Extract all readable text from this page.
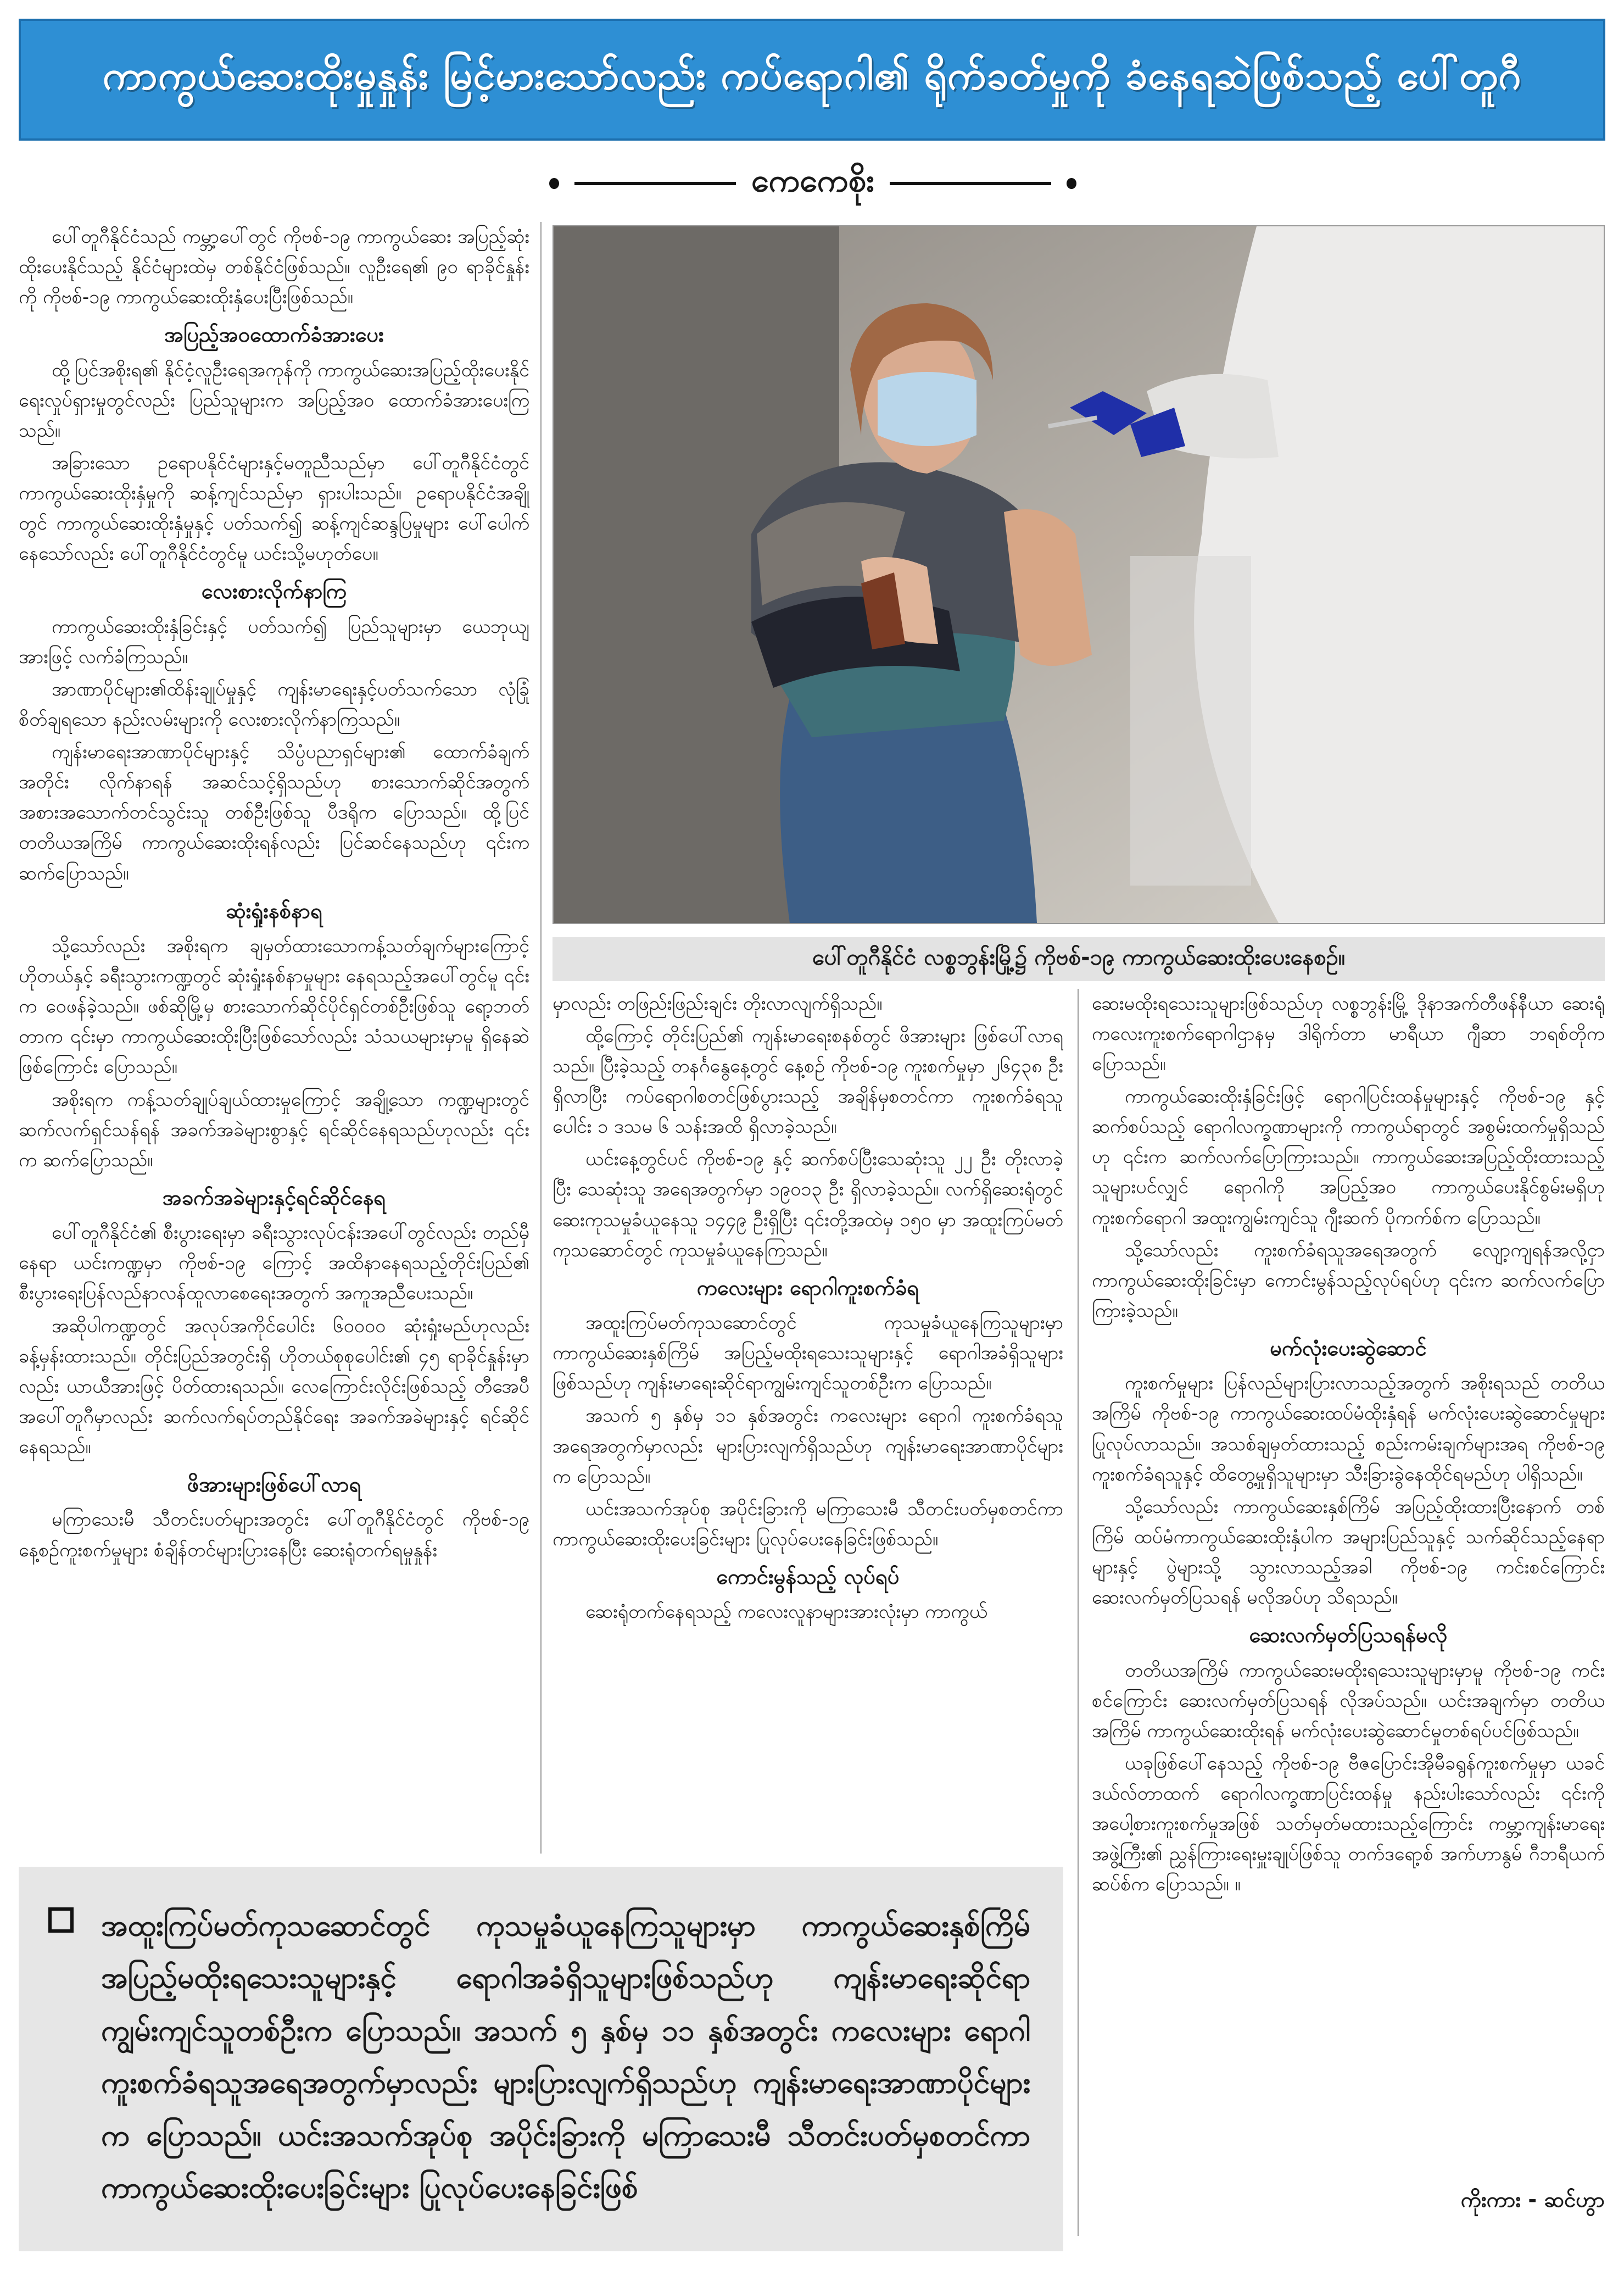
ကာကွယ်ဆေးထိုးမှုနှုန်း မြင့်မားသော်လည်း ကပ်ရောဂါ၏ ရိုက်ခတ်မှုကို ခံနေရဆဲဖြစ်သည့် ပေါ်တူဂီ
ကေကေစိုး
ပေါ်တူဂီနိုင်ငံ လစ္စဘွန်းမြို့၌ ကိုဗစ်-၁၉ ကာကွယ်ဆေးထိုးပေးနေစဉ်။

ပေါ်တူဂီနိုင်ငံသည် ကမ္ဘာ့ပေါ်တွင် ကိုဗစ်-၁၉ ကာကွယ်ဆေး အပြည့်ဆုံးထိုးပေးနိုင်သည့် နိုင်ငံများထဲမှ တစ်နိုင်ငံဖြစ်သည်။ လူဦးရေ၏ ၉၀ ရာခိုင်နှုန်းကို ကိုဗစ်-၁၉ ကာကွယ်ဆေးထိုးနှံပေးပြီးဖြစ်သည်။

အပြည့်အဝထောက်ခံအားပေး

ထို့ပြင်အစိုးရ၏ နိုင်ငံ့လူဦးရေအကုန်ကို ကာကွယ်ဆေးအပြည့်ထိုးပေးနိုင်ရေးလှုပ်ရှားမှုတွင်လည်း ပြည်သူများက အပြည့်အဝ ထောက်ခံအားပေးကြသည်။

အခြားသော ဥရောပနိုင်ငံများနှင့်မတူညီသည်မှာ ပေါ်တူဂီနိုင်ငံတွင် ကာကွယ်ဆေးထိုးနှံမှုကို ဆန့်ကျင်သည်မှာ ရှားပါးသည်။ ဥရောပနိုင်ငံအချို့တွင် ကာကွယ်ဆေးထိုးနှံမှုနှင့် ပတ်သက်၍ ဆန့်ကျင်ဆန္ဒပြမှုများ ပေါ်ပေါက်နေသော်လည်း ပေါ်တူဂီနိုင်ငံတွင်မူ ယင်းသို့မဟုတ်ပေ။

လေးစားလိုက်နာကြ

ကာကွယ်ဆေးထိုးနှံခြင်းနှင့် ပတ်သက်၍ ပြည်သူများမှာ ယေဘုယျအားဖြင့် လက်ခံကြသည်။

အာဏာပိုင်များ၏ထိန်းချုပ်မှုနှင့် ကျန်းမာရေးနှင့်ပတ်သက်သော လုံခြုံစိတ်ချရသော နည်းလမ်းများကို လေးစားလိုက်နာကြသည်။

ကျန်းမာရေးအာဏာပိုင်များနှင့် သိပ္ပံပညာရှင်များ၏ ထောက်ခံချက်အတိုင်း လိုက်နာရန် အဆင်သင့်ရှိသည်ဟု စားသောက်ဆိုင်အတွက် အစားအသောက်တင်သွင်းသူ တစ်ဦးဖြစ်သူ ပီဒရိုက ပြောသည်။ ထို့ပြင် တတိယအကြိမ် ကာကွယ်ဆေးထိုးရန်လည်း ပြင်ဆင်နေသည်ဟု ၎င်းက ဆက်ပြောသည်။

ဆုံးရှုံးနစ်နာရ

သို့သော်လည်း အစိုးရက ချမှတ်ထားသောကန့်သတ်ချက်များကြောင့် ဟိုတယ်နှင့် ခရီးသွားကဏ္ဍတွင် ဆုံးရှုံးနစ်နာမှုများ နေရသည့်အပေါ်တွင်မူ ၎င်းက ဝေဖန်ခဲ့သည်။ ဖစ်ဆိုမြို့မှ စားသောက်ဆိုင်ပိုင်ရှင်တစ်ဦးဖြစ်သူ ရော့ဘတ်တာက ၎င်းမှာ ကာကွယ်ဆေးထိုးပြီးဖြစ်သော်လည်း သံသယများမှာမူ ရှိနေဆဲဖြစ်ကြောင်း ပြောသည်။

အစိုးရက ကန့်သတ်ချုပ်ချယ်ထားမှုကြောင့် အချို့သော ကဏ္ဍများတွင် ဆက်လက်ရှင်သန်ရန် အခက်အခဲများစွာနှင့် ရင်ဆိုင်နေရသည်ဟုလည်း ၎င်းက ဆက်ပြောသည်။

အခက်အခဲများနှင့်ရင်ဆိုင်နေရ

ပေါ်တူဂီနိုင်ငံ၏ စီးပွားရေးမှာ ခရီးသွားလုပ်ငန်းအပေါ်တွင်လည်း တည်မှီနေရာ ယင်းကဏ္ဍမှာ ကိုဗစ်-၁၉ ကြောင့် အထိနာနေရသည့်တိုင်းပြည်၏ စီးပွားရေးပြန်လည်နာလန်ထူလာစေရေးအတွက် အကူအညီပေးသည်။

အဆိုပါကဏ္ဍတွင် အလုပ်အကိုင်ပေါင်း ၆၀၀၀၀ ဆုံးရှုံးမည်ဟုလည်း ခန့်မှန်းထားသည်။ တိုင်းပြည်အတွင်းရှိ ဟိုတယ်စုစုပေါင်း၏ ၄၅ ရာခိုင်နှုန်းမှာလည်း ယာယီအားဖြင့် ပိတ်ထားရသည်။ လေကြောင်းလိုင်းဖြစ်သည့် တီအေပီအပေါ်တူဂီမှာလည်း ဆက်လက်ရပ်တည်နိုင်ရေး အခက်အခဲများနှင့် ရင်ဆိုင်နေရသည်။

ဖိအားများဖြစ်ပေါ်လာရ

မကြာသေးမီ သီတင်းပတ်များအတွင်း ပေါ်တူဂီနိုင်ငံတွင် ကိုဗစ်-၁၉ နေ့စဉ်ကူးစက်မှုများ စံချိန်တင်များပြားနေပြီး ဆေးရုံတက်ရမှုနှုန်း

မှာလည်း တဖြည်းဖြည်းချင်း တိုးလာလျက်ရှိသည်။

ထို့ကြောင့် တိုင်းပြည်၏ ကျန်းမာရေးစနစ်တွင် ဖိအားများ ဖြစ်ပေါ်လာရသည်။ ပြီးခဲ့သည့် တနင်္ဂနွေနေ့တွင် နေ့စဉ် ကိုဗစ်-၁၉ ကူးစက်မှုမှာ ၂၆၄၃၈ ဦးရှိလာပြီး ကပ်ရောဂါစတင်ဖြစ်ပွားသည့် အချိန်မှစတင်ကာ ကူးစက်ခံရသူပေါင်း ၁ ဒသမ ၆ သန်းအထိ ရှိလာခဲ့သည်။

ယင်းနေ့တွင်ပင် ကိုဗစ်-၁၉ နှင့် ဆက်စပ်ပြီးသေဆုံးသူ ၂၂ ဦး တိုးလာခဲ့ပြီး သေဆုံးသူ အရေအတွက်မှာ ၁၉၀၁၃ ဦး ရှိလာခဲ့သည်။ လက်ရှိဆေးရုံတွင် ဆေးကုသမှုခံယူနေသူ ၁၄၄၉ ဦးရှိပြီး ၎င်းတို့အထဲမှ ၁၅၀ မှာ အထူးကြပ်မတ်ကုသဆောင်တွင် ကုသမှုခံယူနေကြသည်။

ကလေးများ ရောဂါကူးစက်ခံရ

အထူးကြပ်မတ်ကုသဆောင်တွင် ကုသမှုခံယူနေကြသူများမှာ ကာကွယ်ဆေးနှစ်ကြိမ် အပြည့်မထိုးရသေးသူများနှင့် ရောဂါအခံရှိသူများဖြစ်သည်ဟု ကျန်းမာရေးဆိုင်ရာကျွမ်းကျင်သူတစ်ဦးက ပြောသည်။

အသက် ၅ နှစ်မှ ၁၁ နှစ်အတွင်း ကလေးများ ရောဂါ ကူးစက်ခံရသူအရေအတွက်မှာလည်း များပြားလျက်ရှိသည်ဟု ကျန်းမာရေးအာဏာပိုင်များက ပြောသည်။

ယင်းအသက်အုပ်စု အပိုင်းခြားကို မကြာသေးမီ သီတင်းပတ်မှစတင်ကာ ကာကွယ်ဆေးထိုးပေးခြင်းများ ပြုလုပ်ပေးနေခြင်းဖြစ်သည်။

ကောင်းမွန်သည့် လုပ်ရပ်

ဆေးရုံတက်နေရသည့် ကလေးလူနာများအားလုံးမှာ ကာကွယ်

ဆေးမထိုးရသေးသူများဖြစ်သည်ဟု လစ္စဘွန်းမြို့ ဒိုနာအက်တီဖန်နီယာ ဆေးရုံ ကလေးကူးစက်ရောဂါဌာနမှ ဒါရိုက်တာ မာရီယာ ဂျီဆာ ဘရစ်တိုက ပြောသည်။

ကာကွယ်ဆေးထိုးနှံခြင်းဖြင့် ရောဂါပြင်းထန်မှုများနှင့် ကိုဗစ်-၁၉ နှင့်ဆက်စပ်သည့် ရောဂါလက္ခဏာများကို ကာကွယ်ရာတွင် အစွမ်းထက်မှုရှိသည်ဟု ၎င်းက ဆက်လက်ပြောကြားသည်။ ကာကွယ်ဆေးအပြည့်ထိုးထားသည့်သူများပင်လျှင် ရောဂါကို အပြည့်အဝ ကာကွယ်ပေးနိုင်စွမ်းမရှိဟု ကူးစက်ရောဂါ အထူးကျွမ်းကျင်သူ ဂျီးဆက် ပိုကက်စ်က ပြောသည်။

သို့သော်လည်း ကူးစက်ခံရသူအရေအတွက် လျော့ကျရန်အလို့ငှာ ကာကွယ်ဆေးထိုးခြင်းမှာ ကောင်းမွန်သည့်လုပ်ရပ်ဟု ၎င်းက ဆက်လက်ပြောကြားခဲ့သည်။

မက်လုံးပေးဆွဲဆောင်

ကူးစက်မှုများ ပြန်လည်များပြားလာသည့်အတွက် အစိုးရသည် တတိယအကြိမ် ကိုဗစ်-၁၉ ကာကွယ်ဆေးထပ်မံထိုးနှံရန် မက်လုံးပေးဆွဲဆောင်မှုများ ပြုလုပ်လာသည်။ အသစ်ချမှတ်ထားသည့် စည်းကမ်းချက်များအရ ကိုဗစ်-၁၉ ကူးစက်ခံရသူနှင့် ထိတွေ့မှုရှိသူများမှာ သီးခြားခွဲနေထိုင်ရမည်ဟု ပါရှိသည်။

သို့သော်လည်း ကာကွယ်ဆေးနှစ်ကြိမ် အပြည့်ထိုးထားပြီးနောက် တစ်ကြိမ် ထပ်မံကာကွယ်ဆေးထိုးနှံပါက အများပြည်သူနှင့် သက်ဆိုင်သည့်နေရာများနှင့် ပွဲများသို့ သွားလာသည့်အခါ ကိုဗစ်-၁၉ ကင်းစင်ကြောင်း ဆေးလက်မှတ်ပြသရန် မလိုအပ်ဟု သိရသည်။

ဆေးလက်မှတ်ပြသရန်မလို

တတိယအကြိမ် ကာကွယ်ဆေးမထိုးရသေးသူများမှာမူ ကိုဗစ်-၁၉ ကင်းစင်ကြောင်း ဆေးလက်မှတ်ပြသရန် လိုအပ်သည်။ ယင်းအချက်မှာ တတိယအကြိမ် ကာကွယ်ဆေးထိုးရန် မက်လုံးပေးဆွဲဆောင်မှုတစ်ရပ်ပင်ဖြစ်သည်။

ယခုဖြစ်ပေါ်နေသည့် ကိုဗစ်-၁၉ ဗီဇပြောင်းအိုမီခရွန်ကူးစက်မှုမှာ ယခင်ဒယ်လ်တာထက် ရောဂါလက္ခဏာပြင်းထန်မှု နည်းပါးသော်လည်း ၎င်းကို အပေါ့စားကူးစက်မှုအဖြစ် သတ်မှတ်မထားသည့်ကြောင်း ကမ္ဘာ့ကျန်းမာရေးအဖွဲ့ကြီး၏ ညွှန်ကြားရေးမှူးချုပ်ဖြစ်သူ တက်ဒရော့စ် အက်ဟာနွမ် ဂီဘရီယက်ဆပ်စ်က ပြောသည်။ ။

ကိုးကား - ဆင်ဟွာ

အထူးကြပ်မတ်ကုသဆောင်တွင် ကုသမှုခံယူနေကြသူများမှာ ကာကွယ်ဆေးနှစ်ကြိမ် အပြည့်မထိုးရသေးသူများနှင့် ရောဂါအခံရှိသူများဖြစ်သည်ဟု ကျန်းမာရေးဆိုင်ရာ ကျွမ်းကျင်သူတစ်ဦးက ပြောသည်။ အသက် ၅ နှစ်မှ ၁၁ နှစ်အတွင်း ကလေးများ ရောဂါ ကူးစက်ခံရသူအရေအတွက်မှာလည်း များပြားလျက်ရှိသည်ဟု ကျန်းမာရေးအာဏာပိုင်များက ပြောသည်။ ယင်းအသက်အုပ်စု အပိုင်းခြားကို မကြာသေးမီ သီတင်းပတ်မှစတင်ကာ ကာကွယ်ဆေးထိုးပေးခြင်းများ ပြုလုပ်ပေးနေခြင်းဖြစ်
